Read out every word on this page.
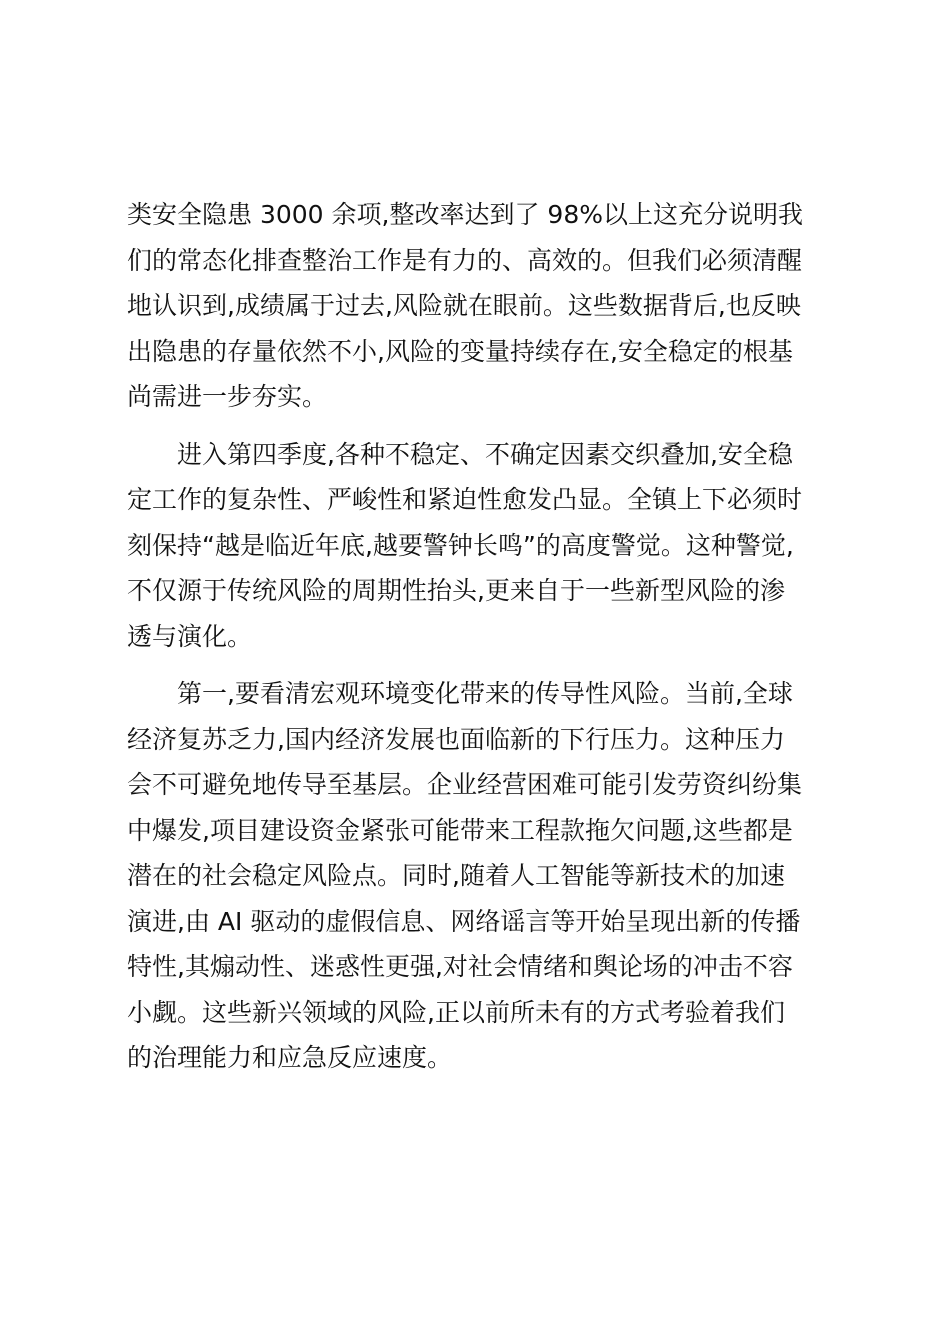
类安全隐患 3000 余项,整改率达到了 98%以上这充分说明我
们的常态化排查整治工作是有力的、高效的。但我们必须清醒
地认识到,成绩属于过去,风险就在眼前。这些数据背后,也反映
出隐患的存量依然不小,风险的变量持续存在,安全稳定的根基
尚需进一步夯实。

进入第四季度,各种不稳定、不确定因素交织叠加,安全稳
定工作的复杂性、严峻性和紧迫性愈发凸显。全镇上下必须时
刻保持“越是临近年底,越要警钟长鸣”的高度警觉。这种警觉,
不仅源于传统风险的周期性抬头,更来自于一些新型风险的渗
透与演化。

第一,要看清宏观环境变化带来的传导性风险。当前,全球
经济复苏乏力,国内经济发展也面临新的下行压力。这种压力
会不可避免地传导至基层。企业经营困难可能引发劳资纠纷集
中爆发,项目建设资金紧张可能带来工程款拖欠问题,这些都是
潜在的社会稳定风险点。同时,随着人工智能等新技术的加速
演进,由 AI 驱动的虚假信息、网络谣言等开始呈现出新的传播
特性,其煽动性、迷惑性更强,对社会情绪和舆论场的冲击不容
小觑。这些新兴领域的风险,正以前所未有的方式考验着我们
的治理能力和应急反应速度。
